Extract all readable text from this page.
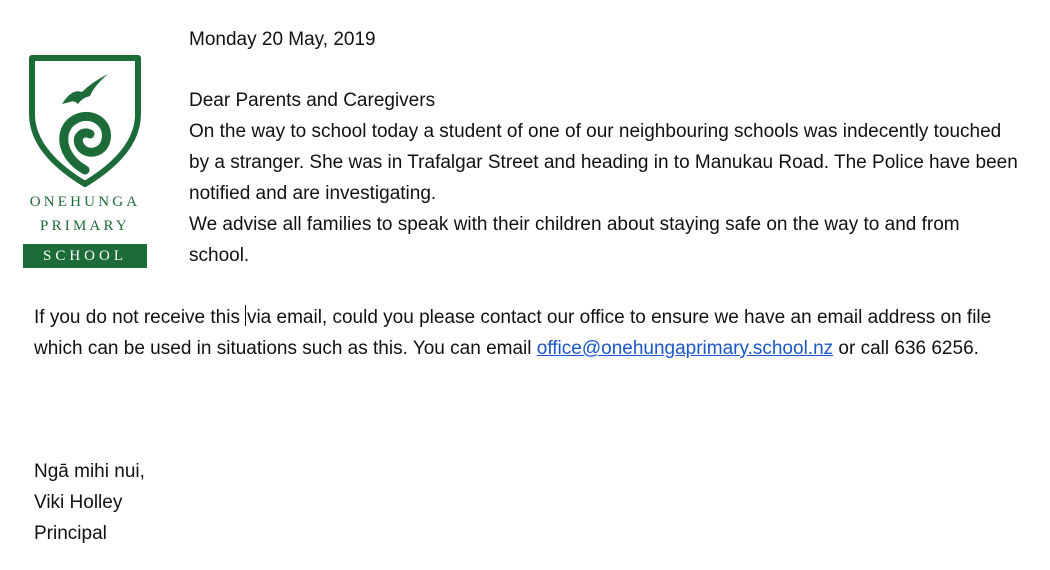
ONEHUNGA
PRIMARY
SCHOOL
Monday 20 May, 2019

Dear Parents and Caregivers

On the way to school today a student of one of our neighbouring schools was indecently touched by a stranger. She was in Trafalgar Street and heading in to Manukau Road. The Police have been notified and are investigating.

We advise all families to speak with their children about staying safe on the way to and from school.

If you do not receive this via email, could you please contact our office to ensure we have an email address on file which can be used in situations such as this. You can email office@onehungaprimary.school.nz or call 636 6256.

Ngā mihi nui,
Viki Holley
Principal
